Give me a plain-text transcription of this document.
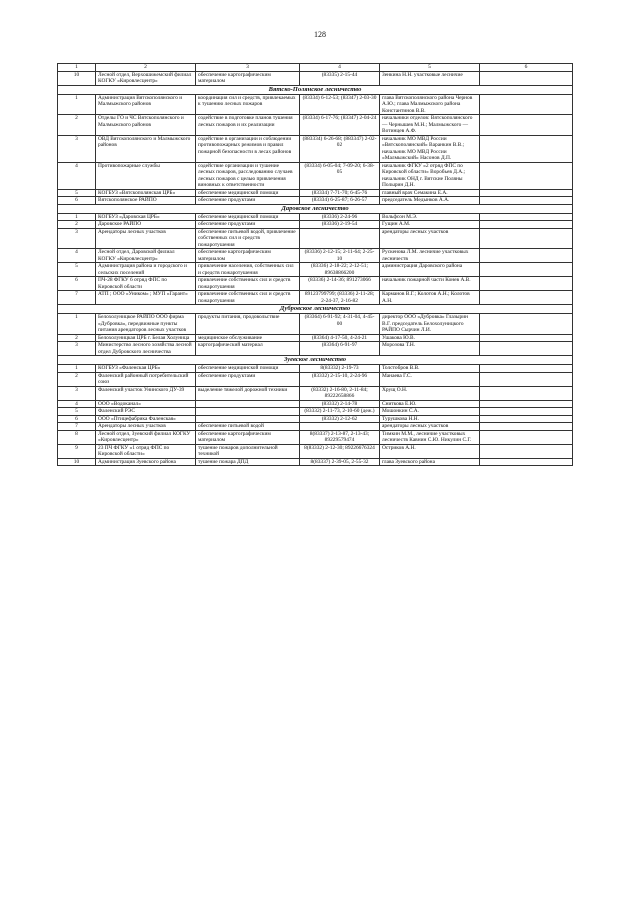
128
1	2	3	4	5	6
10	Лесной отдел, Верхошижемский филиал КОГКУ «Кировлесцентр»	обеспечение картографическим материалом	(83335) 2-15-44	Зенкина Н.Н. участковые лесничие	
Вятско-Полянское лесничество					
1	Администрация Вятскополянского и Малмыжского районов	координация сил и средств, привлекаемых к тушению лесных пожаров	(83334) 6-12-53; (83347) 2-03-30	глава Вятскополянского района Чернов А.Ю.; глава Малмыжского района Константинов В.В.	
2	Отделы ГО и ЧС Вятскополянского и Малмыжского районов	содействие в подготовке планов тушения лесных пожаров и их реализации	(83334) 6-17-76; (83347) 2-04-24	начальники отделов: Вятскополянского — Чернышев М.Н.; Малмыжского — Вотинцев А.Ф.	
3	ОВД Вятскополянского и Малмыжского районов	содействие в организации и соблюдении противопожарных режимов и правил пожарной безопасности в лесах районов	(883334) 6-26-68; (883347) 2-02-02	начальник МО МВД России «Вятскополянский» Варанкин В.В.; начальник МО МВД России «Малмыжский» Насонов Д.П.	
4	Противопожарные службы	содействие организации и тушение лесных пожаров, расследованию случаев лесных пожаров с целью привлечения виновных к ответственности	(83334) 6-05-04; 7-09-20; 6-38-05	начальник ФГКУ «2 отряд ФПС по Кировской области» Воробьев Д.А.; начальник ОНД г. Вятские Поляны Полырин Д.Н.	
5	КОГБУЗ «Вятскополянская ЦРБ»	обеспечение медицинской помощи	(83334) 7-71-70; 6-45-76	главный врач Семакина Е.А.	
6	Вятскополянское РАЙПО	обеспечение продуктами	(83334) 6-25-87; 6-26-57	председатель Медынков А.А.	
Даровское лесничество					
1	КОГБУЗ «Даровская ЦРБ»	обеспечение медицинской помощи	(83336) 2-24-96	Вольфсон М.Э.	
2	Даровское РАЙПО	обеспечение продуктами	(83336) 2-19-54	Гущин А.М.	
3	Арендаторы лесных участков	обеспечение питьевой водой, привлечение собственных сил и средств пожаротушения		арендаторы лесных участков	
4	Лесной отдел, Даровской филиал КОГКУ «Кировлесцентр»	обеспечение картографическим материалом	(83336) 2-12-15; 2-11-64; 2-25-10	Рускенова Л.М. лесничие участковых лесничеств	
5	Администрация района и городского и сельских поселений	привлечение населения, собственных сил и средств пожаротушения	(83336) 2-18-22; 2-12-51; 89638866200	администрация Даровского района	
6	ПЧ-28 ФГКУ 6 отряд ФПС по Кировской области	привлечение собственных сил и средств пожаротушения	(83336) 2-14-36; 891273066	начальник пожарной части Конев А.В.	
7	АТП ; ООО «Уником» ; МУП «Гарант»	привлечение собственных сил и средств пожаротушения	89123799799; (83336) 2-11-28; 2-24-37, 2-16-82	Карманов В.Г.; Колотов А.Н.; Колотов А.Н.	
Дубровское лесничество					
1	Белохолуницкое РАЙПО ООО фирма «Дубровка», передвижные пункты питания арендаторов лесных участков	продукты питания, продовольствие	(83364) 6-91-92; 4-31-04, 4-45-00	директор ООО «Дубровка» Глазырин В.Г. председатель Белохолуницкого РАЙПО Сырчин Л.И.	
2	Белохолуницкая ЦРБ г. Белая Холуница	медицинское обслуживание	(83364) 4-17-50, 4-24-21	Ушакова Ю.В.	
3	Министерство лесного хозяйства лесной отдел Дубровского лесничества	картографический материал	(83364) 6-91-97	Морозова Т.Н.	
Зуевское лесничество					
1	КОГБУЗ «Фаленская ЦРБ»	обеспечение медицинской помощи	8(83332) 2-19-73	Толстобров В.В.	
2	Фаленский районный потребительский союз	обеспечение продуктами	(83332) 2-15-10, 2-24-96	Манаева Г.С.	
3	Фаленский участок Унинского ДУ-39	выделение тяжелой дорожной техники	(83332) 2-16-80, 2-11-84; 89222658866	Хрущ О.Н.	
4	ООО «Водоканал»		(83332) 2-14-78	Сниткова Е.Ю.	
5	Фаленский РЭС		(83332) 2-11-73, 2-10-60 (деж.)	Мошонкин С.А.	
6	ООО «Птицефабрика Фаленская»		(83332) 2-12-62	Турушкова Н.Н.	
7	Арендаторы лесных участков	обеспечение питьевой водой		арендаторы лесных участков	
8	Лесной отдел, Зуевский филиал КОГКУ «Кировлесцентр»	обеспечение картографическим материалом	8(83337) 2-13-87, 2-13-43; 89229579474	Тимкин М.М., лесничие участковых лесничеств Кавнин С.Ю. Никулин С.Г.	
9	23 ПЧ ФГКУ «1 отряд ФПС по Кировской области»	тушение пожаров дополнительной техникой	8(83332) 2-12-30; 89226676324	Остриков А.Н.	
10	Администрация Зуевского района	тушение пожара ДПД	8(83337) 2-39-05, 2-55-32	глава Зуевского района	
